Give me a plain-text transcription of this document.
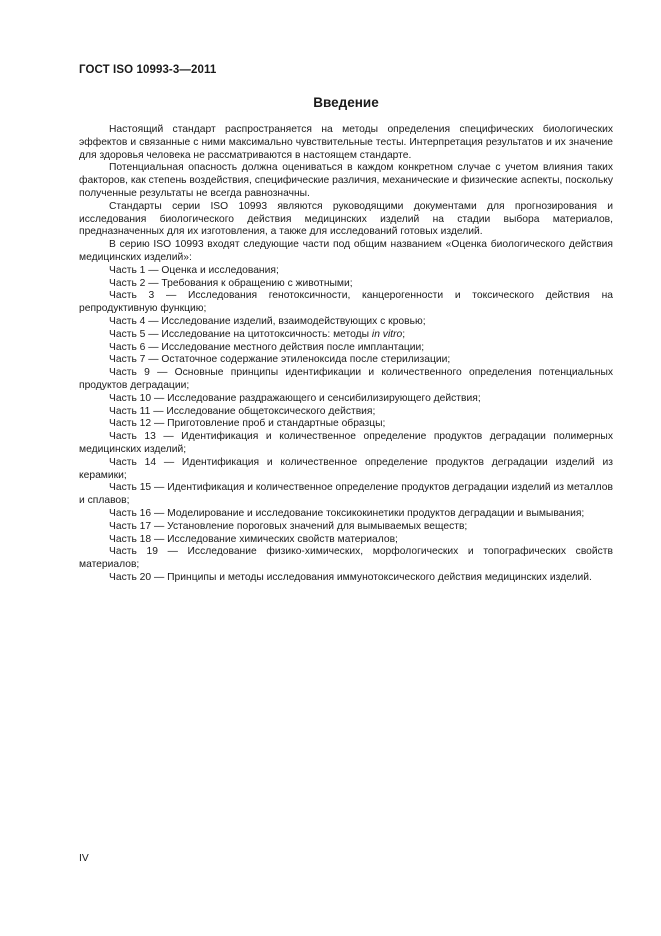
ГОСТ ISO 10993-3—2011
Введение

Настоящий стандарт распространяется на методы определения специфических биологических эффектов и связанные с ними максимально чувствительные тесты. Интерпретация результатов и их значение для здоровья человека не рассматриваются в настоящем стандарте.

Потенциальная опасность должна оцениваться в каждом конкретном случае с учетом влияния таких факторов, как степень воздействия, специфические различия, механические и физические аспекты, поскольку полученные результаты не всегда равнозначны.

Стандарты серии ISO 10993 являются руководящими документами для прогнозирования и исследования биологического действия медицинских изделий на стадии выбора материалов, предназначенных для их изготовления, а также для исследований готовых изделий.

В серию ISO 10993 входят следующие части под общим названием «Оценка биологического действия медицинских изделий»:

Часть 1 — Оценка и исследования;

Часть 2 — Требования к обращению с животными;

Часть 3 — Исследования генотоксичности, канцерогенности и токсического действия на репродуктивную функцию;

Часть 4 — Исследование изделий, взаимодействующих с кровью;

Часть 5 — Исследование на цитотоксичность: методы in vitro;

Часть 6 — Исследование местного действия после имплантации;

Часть 7 — Остаточное содержание этиленоксида после стерилизации;

Часть 9 — Основные принципы идентификации и количественного определения потенциальных продуктов деградации;

Часть 10 — Исследование раздражающего и сенсибилизирующего действия;

Часть 11 — Исследование общетоксического действия;

Часть 12 — Приготовление проб и стандартные образцы;

Часть 13 — Идентификация и количественное определение продуктов деградации полимерных медицинских изделий;

Часть 14 — Идентификация и количественное определение продуктов деградации изделий из керамики;

Часть 15 — Идентификация и количественное определение продуктов деградации изделий из металлов и сплавов;

Часть 16 — Моделирование и исследование токсикокинетики продуктов деградации и вымывания;

Часть 17 — Установление пороговых значений для вымываемых веществ;

Часть 18 — Исследование химических свойств материалов;

Часть 19 — Исследование физико-химических, морфологических и топографических свойств материалов;

Часть 20 — Принципы и методы исследования иммунотоксического действия медицинских изделий.

IV
